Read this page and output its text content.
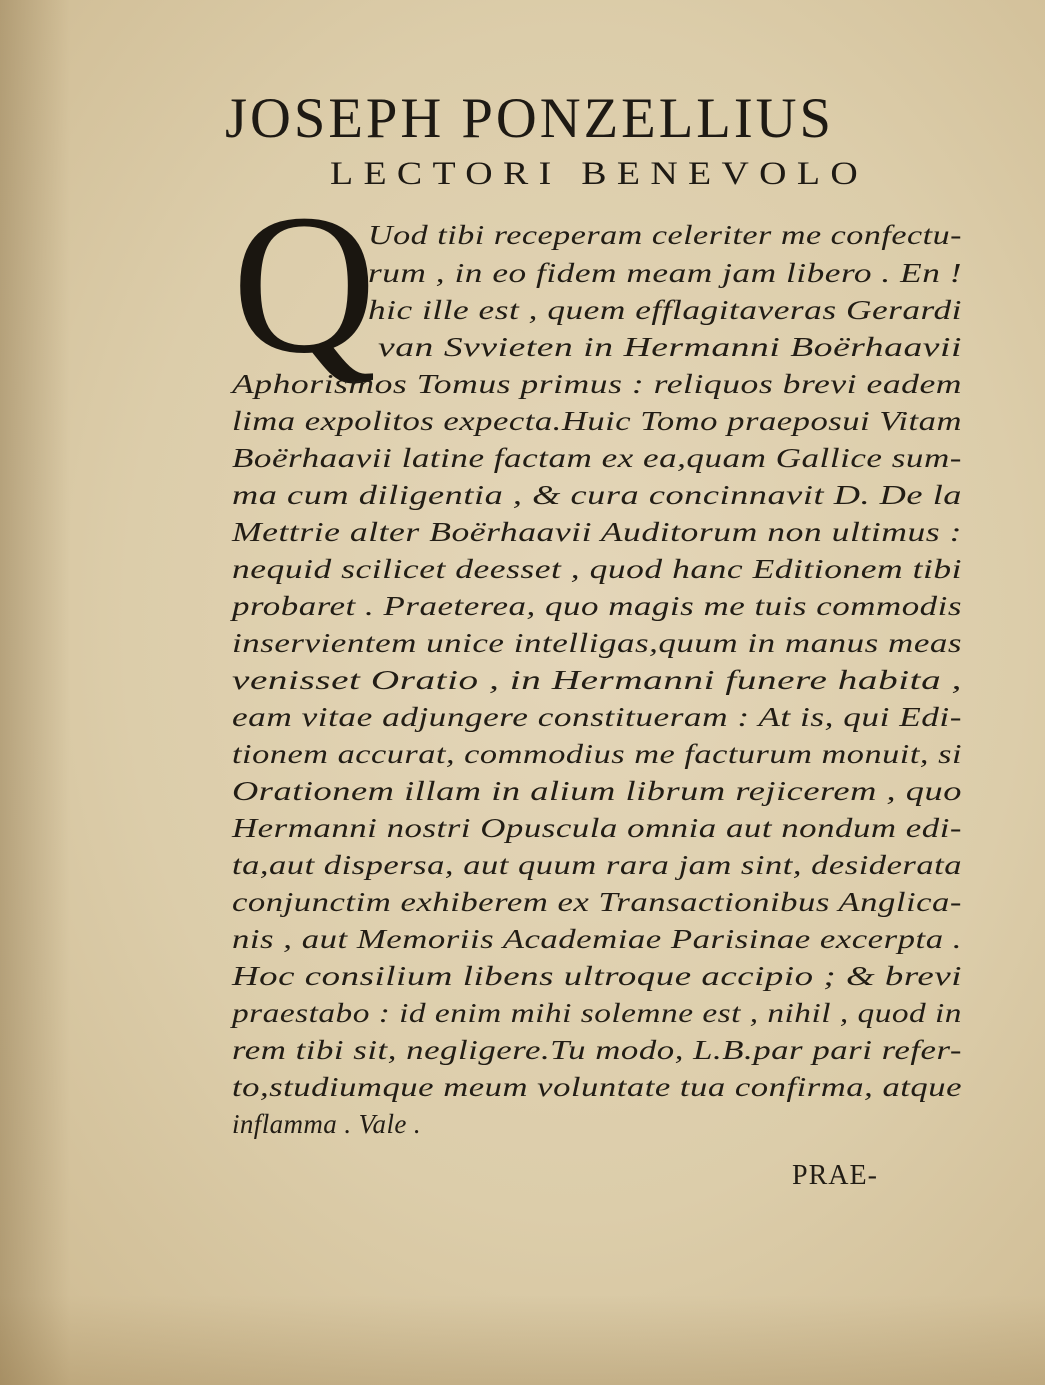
JOSEPH PONZELLIUS
LECTORI BENEVOLO
Q
Uod tibi receperam celeriter me confectu-
rum , in eo fidem meam jam libero . En !
hic ille est , quem efflagitaveras Gerardi
van Svvieten in Hermanni Boërhaavii
Aphorismos Tomus primus : reliquos brevi eadem
lima expolitos expecta.Huic Tomo praeposui Vitam
Boërhaavii latine factam ex ea,quam Gallice sum-
ma cum diligentia , & cura concinnavit D. De la
Mettrie alter Boërhaavii Auditorum non ultimus :
nequid scilicet deesset , quod hanc Editionem tibi
probaret . Praeterea, quo magis me tuis commodis
inservientem unice intelligas,quum in manus meas
venisset Oratio , in Hermanni funere habita ,
eam vitae adjungere constitueram : At is, qui Edi-
tionem accurat, commodius me facturum monuit, si
Orationem illam in alium librum rejicerem , quo
Hermanni nostri Opuscula omnia aut nondum edi-
ta,aut dispersa, aut quum rara jam sint, desiderata
conjunctim exhiberem ex Transactionibus Anglica-
nis , aut Memoriis Academiae Parisinae excerpta .
Hoc consilium libens ultroque accipio ; & brevi
praestabo : id enim mihi solemne est , nihil , quod in
rem tibi sit, negligere.Tu modo, L.B.par pari refer-
to,studiumque meum voluntate tua confirma, atque
inflamma . Vale .
PRAE-
